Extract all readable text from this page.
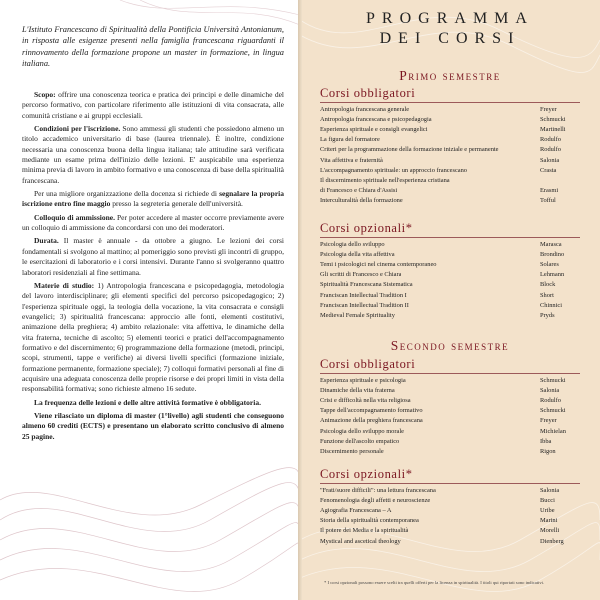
L'Istituto Francescano di Spiritualità della Pontificia Università Antonianum, in risposta alle esigenze presenti nella famiglia francescana riguardanti il rinnovamento della formazione propone un master in formazione, in lingua italiana.

Scopo: offrire una conoscenza teorica e pratica dei principi e delle dinamiche del percorso formativo, con particolare riferimento alle istituzioni di vita consacrata, alle comunità cristiane e ai gruppi ecclesiali.

Condizioni per l'iscrizione. Sono ammessi gli studenti che possiedono almeno un titolo accademico universitario di base (laurea triennale). È inoltre, condizione necessaria una conoscenza buona della lingua italiana; tale attitudine sarà verificata mediante un esame prima dell'inizio delle lezioni. E' auspicabile una esperienza minima previa di lavoro in ambito formativo e una conoscenza di base della spiritualità francescana.

Per una migliore organizzazione della docenza si richiede di segnalare la propria iscrizione entro fine maggio presso la segreteria generale dell'università.

Colloquio di ammissione. Per poter accedere al master occorre previamente avere un colloquio di ammissione da concordarsi con uno dei moderatori.

Durata. Il master è annuale - da ottobre a giugno. Le lezioni dei corsi fondamentali si svolgono al mattino; al pomeriggio sono previsti gli incontri di gruppo, le esercitazioni di laboratorio e i corsi intensivi. Durante l'anno si svolgeranno quattro laboratori residenziali al fine settimana.

Materie di studio: 1) Antropologia francescana e psicopedagogia, metodologia del lavoro interdisciplinare; gli elementi specifici del percorso psicopedagogico; 2) l'esperienza spirituale oggi, la teologia della vocazione, la vita consacrata e consigli evangelici; 3) spiritualità francescana: approccio alle fonti, elementi costitutivi, animazione della preghiera; 4) ambito relazionale: vita affettiva, le dinamiche della vita fraterna, tecniche di ascolto; 5) elementi teorici e pratici dell'accompagnamento formativo e del discernimento; 6) programmazione della formazione (metodi, principi, scopi, strumenti, tappe e verifiche) ai diversi livelli specifici (formazione iniziale, formazione permanente, formazione speciale); 7) colloqui formativi personali al fine di acquisire una adeguata conoscenza delle proprie risorse e dei propri limiti in vista della responsabilità formativa; sono richieste almeno 16 sedute.

La frequenza delle lezioni e delle altre attività formative è obbligatoria.

Viene rilasciato un diploma di master (1°livello) agli studenti che conseguono almeno 60 crediti (ECTS) e presentano un elaborato scritto conclusivo di almeno 25 pagine.

PROGRAMMA
DEI CORSI
Primo semestre
Corsi obbligatori
Antropologia francescana generale	Freyer
Antropologia francescana e psicopedagogia	Schmucki
Esperienza spirituale e consigli evangelici	Martinelli
La figura del formatore	Rodulfo
Criteri per la programmazione della formazione iniziale e permanente	Rodulfo
Vita affettiva e fraternità	Salonia
L'accompagnamento spirituale: un approccio francescano	Crasta
Il discernimento spirituale nell'esperienza cristiana
di Francesco e Chiara d'Assisi	Erasmi
Interculturalità della formazione	Tofful
Corsi opzionali*
Psicologia dello sviluppo	Marasca
Psicologia della vita affettiva	Brondino
Temi i psicologici nel cinema contemporaneo	Solares
Gli scritti di Francesco e Chiara	Lehmann
Spiritualità Francescana Sistematica	Block
Franciscan Intellectual Tradition I	Short
Franciscan Intellectual Tradition II	Chinnici
Medieval Female Spirituality	Pryds
Secondo semestre
Corsi obbligatori
Esperienza spirituale e psicologia	Schmucki
Dinamiche della vita fraterna	Salonia
Crisi e difficoltà nella vita religiosa	Rodulfo
Tappe dell'accompagnamento formativo	Schmucki
Animazione della preghiera francescana	Freyer
Psicologia dello sviluppo morale	Michielan
Funzione dell'ascolto empatico	Ibba
Discernimento personale	Rigon
Corsi opzionali*
"Frati/suore difficili": una lettura francescana	Salonia
Fenomenologia degli affetti e neuroscienze	Bucci
Agiografia Francescana – A	Uribe
Storia della spiritualità contemporanea	Marini
Il potere dei Media e la spiritualità	Morelli
Mystical and ascetical theology	Dienberg
* I corsi opzionali possono essere scelti tra quelli offerti per la licenza in spiritualità. I titoli qui riportati sono indicativi.
